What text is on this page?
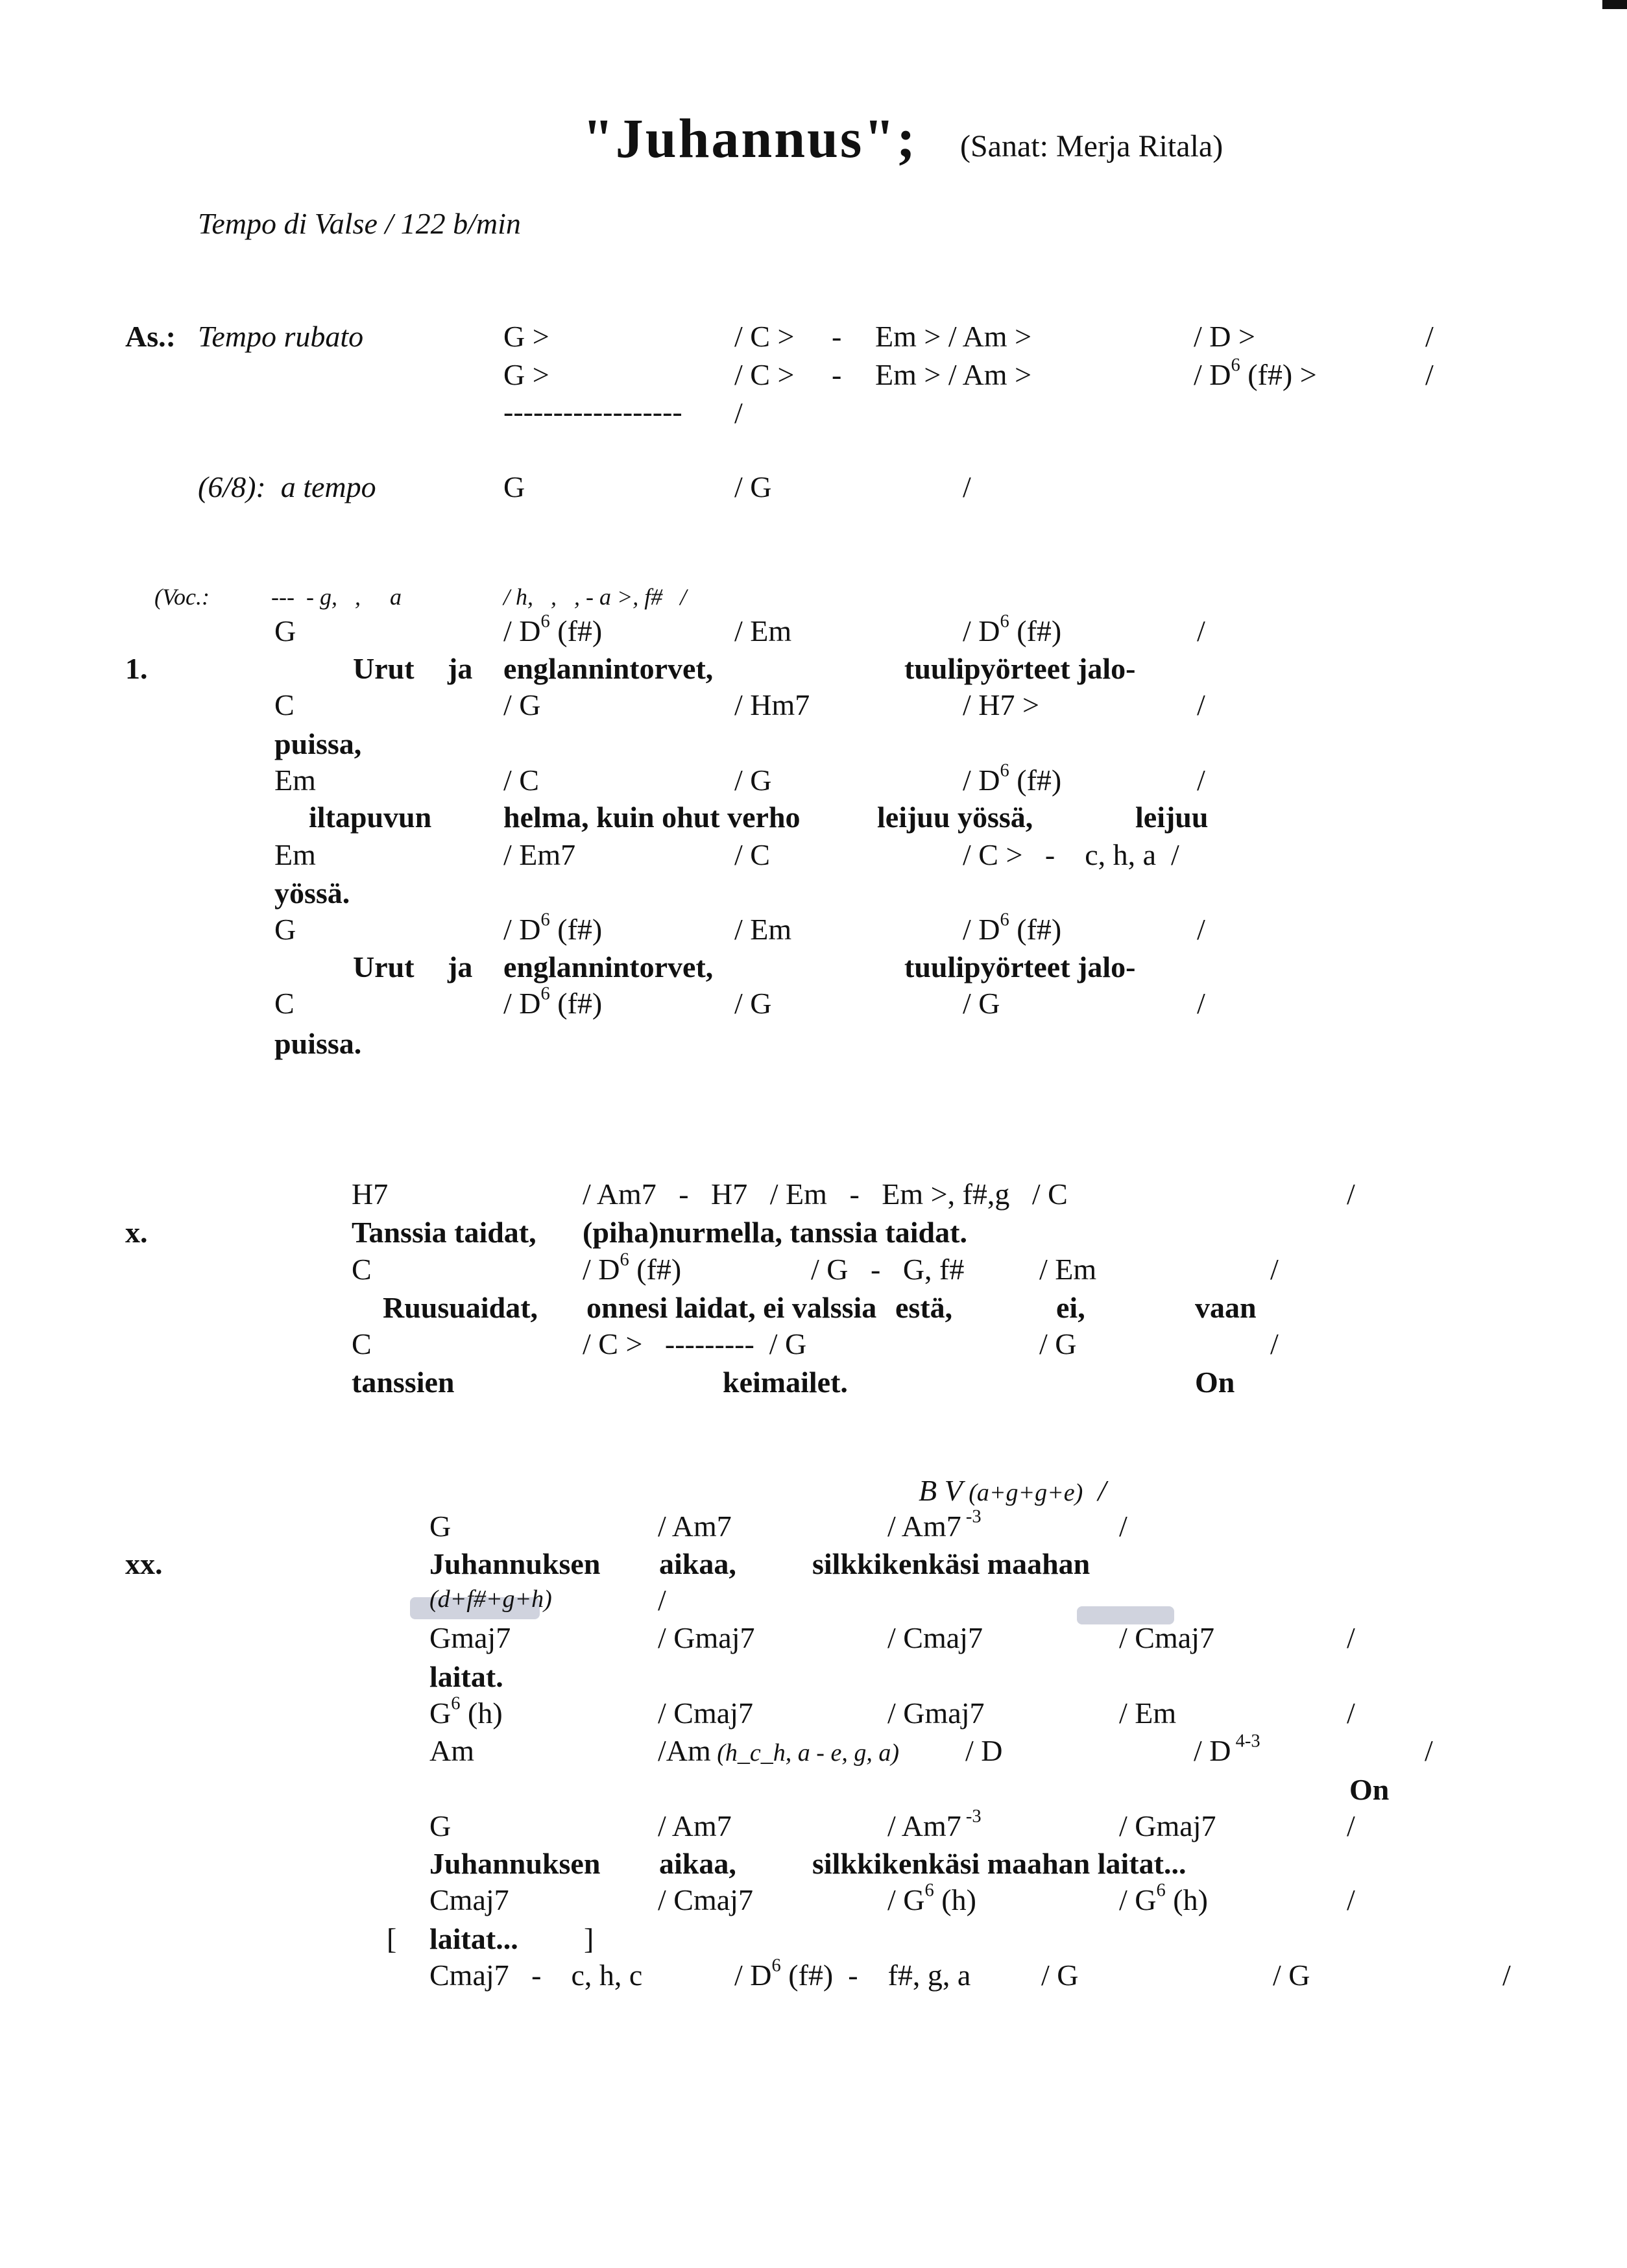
"Juhannus"; (Sanat: Merja Ritala)
Tempo di Valse / 122 b/min
As.: Tempo rubato	G >	/ C > - Em > / Am >	/ D >	/
G >	/ C > - Em > / Am >	/ $D^6$ (f#) >	/
------------------ /
(6/8):  a tempo	G	/ G	/
(Voc.:	---  - g,   ,     a	/ h,   ,   , - a >, f#   /
G	/ $D^6$ (f#)	/ Em	/ $D^6$ (f#)	/
1.	Urut ja englannintorvet,	tuulipyörteet jalo-
C	/ G	/ Hm7	/ H7 >	/
puissa,
Em	/ C	/ G	/ $D^6$ (f#)	/
iltapuvun helma, kuin ohut verho	leijuu yössä,	leijuu
Em	/ Em7	/ C	/ C >   -    c, h, a  /
yössä.
G	/ $D^6$ (f#)	/ Em	/ $D^6$ (f#)	/
Urut ja englannintorvet,	tuulipyörteet jalo-
C	/ $D^6$ (f#)	/ G	/ G	/
puissa.
H7	/ Am7   -   H7   / Em   -   Em >, f#,g   / C	/
x.	Tanssia taidat, (piha)nurmella, tanssia taidat.
C	/ $D^6$ (f#)	/ G   -   G, f#	/ Em	/
Ruusuaidat, onnesi laidat, ei valssia estä,	ei,	vaan
C	/ C >   ---------  / G	/ G	/
tanssien	keimailet.	On
B V (a+g+g+e)  /
G	/ Am7	/ Am7 $^{-3}$	/
xx.	Juhannuksen aikaa,	silkkikenkäsi maahan
(d+f#+g+h)	/
Gmaj7	/ Gmaj7	/ Cmaj7	/ Cmaj7	/
laitat.
$G^6$ (h)	/ Cmaj7	/ Gmaj7	/ Em	/
Am	/Am (h_c_h, a - e, g, a) / D	/ D $^{4-3}$	/
On
G	/ Am7	/ Am7 $^{-3}$	/ Gmaj7	/
Juhannuksen aikaa,	silkkikenkäsi maahan laitat...
Cmaj7	/ Cmaj7	/ $G^6$ (h)	/ $G^6$ (h)	/
[ laitat... ]
Cmaj7   -    c, h, c	/ $D^6$ (f#)  -    f#, g, a / G	/ G	/
